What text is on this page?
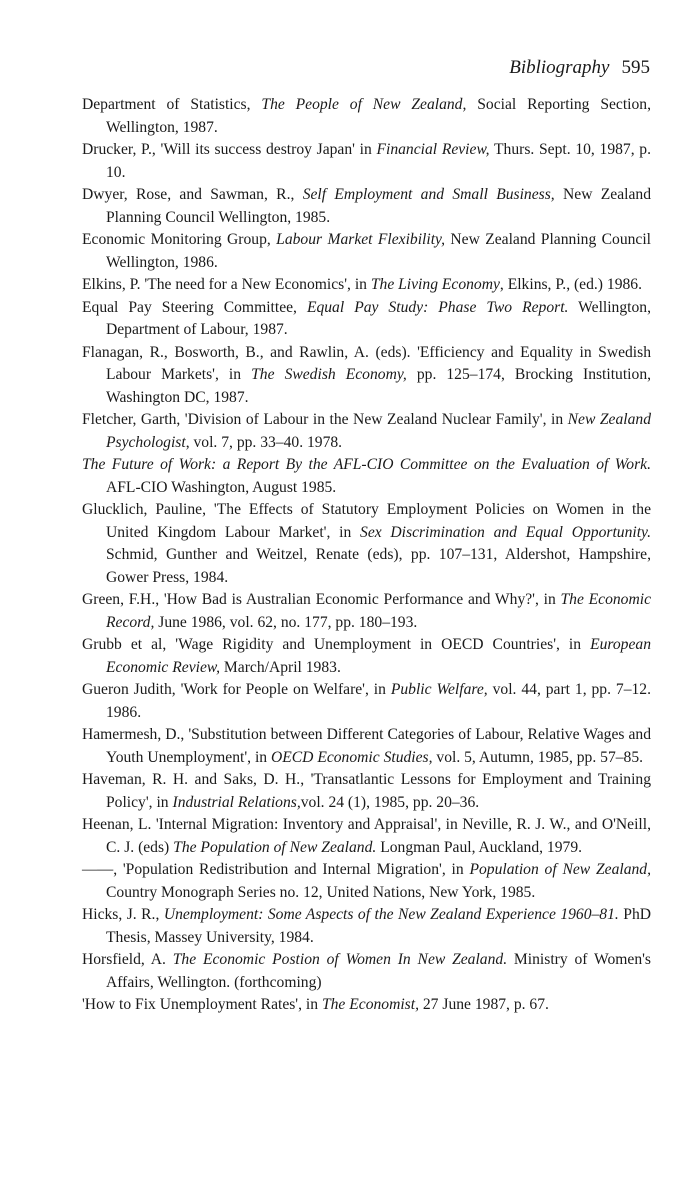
Bibliography 595

Department of Statistics, The People of New Zealand, Social Reporting Section, Wellington, 1987.

Drucker, P., 'Will its success destroy Japan' in Financial Review, Thurs. Sept. 10, 1987, p. 10.

Dwyer, Rose, and Sawman, R., Self Employment and Small Business, New Zealand Planning Council Wellington, 1985.

Economic Monitoring Group, Labour Market Flexibility, New Zealand Planning Council Wellington, 1986.

Elkins, P. 'The need for a New Economics', in The Living Economy, Elkins, P., (ed.) 1986.

Equal Pay Steering Committee, Equal Pay Study: Phase Two Report. Wellington, Department of Labour, 1987.

Flanagan, R., Bosworth, B., and Rawlin, A. (eds). 'Efficiency and Equality in Swedish Labour Markets', in The Swedish Economy, pp. 125–174, Brocking Institution, Washington DC, 1987.

Fletcher, Garth, 'Division of Labour in the New Zealand Nuclear Family', in New Zealand Psychologist, vol. 7, pp. 33–40. 1978.

The Future of Work: a Report By the AFL-CIO Committee on the Evaluation of Work. AFL-CIO Washington, August 1985.

Glucklich, Pauline, 'The Effects of Statutory Employment Policies on Women in the United Kingdom Labour Market', in Sex Discrimination and Equal Opportunity. Schmid, Gunther and Weitzel, Renate (eds), pp. 107–131, Aldershot, Hampshire, Gower Press, 1984.

Green, F.H., 'How Bad is Australian Economic Performance and Why?', in The Economic Record, June 1986, vol. 62, no. 177, pp. 180–193.

Grubb et al, 'Wage Rigidity and Unemployment in OECD Countries', in European Economic Review, March/April 1983.

Gueron Judith, 'Work for People on Welfare', in Public Welfare, vol. 44, part 1, pp. 7–12. 1986.

Hamermesh, D., 'Substitution between Different Categories of Labour, Relative Wages and Youth Unemployment', in OECD Economic Studies, vol. 5, Autumn, 1985, pp. 57–85.

Haveman, R. H. and Saks, D. H., 'Transatlantic Lessons for Employment and Training Policy', in Industrial Relations,vol. 24 (1), 1985, pp. 20–36.

Heenan, L. 'Internal Migration: Inventory and Appraisal', in Neville, R. J. W., and O'Neill, C. J. (eds) The Population of New Zealand. Longman Paul, Auckland, 1979.

——, 'Population Redistribution and Internal Migration', in Population of New Zealand, Country Monograph Series no. 12, United Nations, New York, 1985.

Hicks, J. R., Unemployment: Some Aspects of the New Zealand Experience 1960–81. PhD Thesis, Massey University, 1984.

Horsfield, A. The Economic Postion of Women In New Zealand. Ministry of Women's Affairs, Wellington. (forthcoming)

'How to Fix Unemployment Rates', in The Economist, 27 June 1987, p. 67.
